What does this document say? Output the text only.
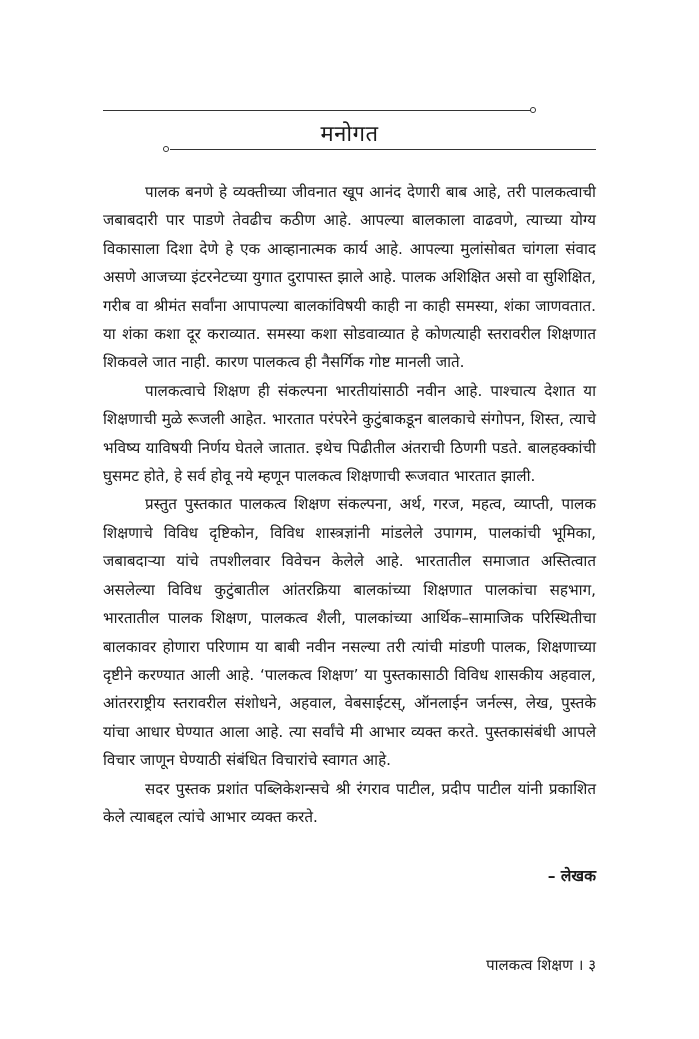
मनोगत

पालक बनणे हे व्यक्तीच्या जीवनात खूप आनंद देणारी बाब आहे, तरी पालकत्वाची जबाबदारी पार पाडणे तेवढीच कठीण आहे. आपल्या बालकाला वाढवणे, त्याच्या योग्य विकासाला दिशा देणे हे एक आव्हानात्मक कार्य आहे. आपल्या मुलांसोबत चांगला संवाद असणे आजच्या इंटरनेटच्या युगात दुरापास्त झाले आहे. पालक अशिक्षित असो वा सुशिक्षित, गरीब वा श्रीमंत सर्वांना आपापल्या बालकांविषयी काही ना काही समस्या, शंका जाणवतात. या शंका कशा दूर कराव्यात. समस्या कशा सोडवाव्यात हे कोणत्याही स्तरावरील शिक्षणात शिकवले जात नाही. कारण पालकत्व ही नैसर्गिक गोष्ट मानली जाते.

पालकत्वाचे शिक्षण ही संकल्पना भारतीयांसाठी नवीन आहे. पाश्चात्य देशात या शिक्षणाची मुळे रूजली आहेत. भारतात परंपरेने कुटुंबाकडून बालकाचे संगोपन, शिस्त, त्याचे भविष्य याविषयी निर्णय घेतले जातात. इथेच पिढीतील अंतराची ठिणगी पडते. बालहक्कांची घुसमट होते, हे सर्व होवू नये म्हणून पालकत्व शिक्षणाची रूजवात भारतात झाली.

प्रस्तुत पुस्तकात पालकत्व शिक्षण संकल्पना, अर्थ, गरज, महत्व, व्याप्ती, पालक शिक्षणाचे विविध दृष्टिकोन, विविध शास्त्रज्ञांनी मांडलेले उपागम, पालकांची भूमिका, जबाबदाऱ्या यांचे तपशीलवार विवेचन केलेले आहे. भारतातील समाजात अस्तित्वात असलेल्या विविध कुटुंबातील आंतरक्रिया बालकांच्या शिक्षणात पालकांचा सहभाग, भारतातील पालक शिक्षण, पालकत्व शैली, पालकांच्या आर्थिक–सामाजिक परिस्थितीचा बालकावर होणारा परिणाम या बाबी नवीन नसल्या तरी त्यांची मांडणी पालक, शिक्षणाच्या दृष्टीने करण्यात आली आहे. ‘पालकत्व शिक्षण’ या पुस्तकासाठी विविध शासकीय अहवाल, आंतरराष्ट्रीय स्तरावरील संशोधने, अहवाल, वेबसाईटस्, ऑनलाईन जर्नल्स, लेख, पुस्तके यांचा आधार घेण्यात आला आहे. त्या सर्वांचे मी आभार व्यक्त करते. पुस्तकासंबंधी आपले विचार जाणून घेण्याठी संबंधित विचारांचे स्वागत आहे.

सदर पुस्तक प्रशांत पब्लिकेशन्सचे श्री रंगराव पाटील, प्रदीप पाटील यांनी प्रकाशित केले त्याबद्दल त्यांचे आभार व्यक्त करते.

– लेखक
पालकत्व शिक्षण । ३
